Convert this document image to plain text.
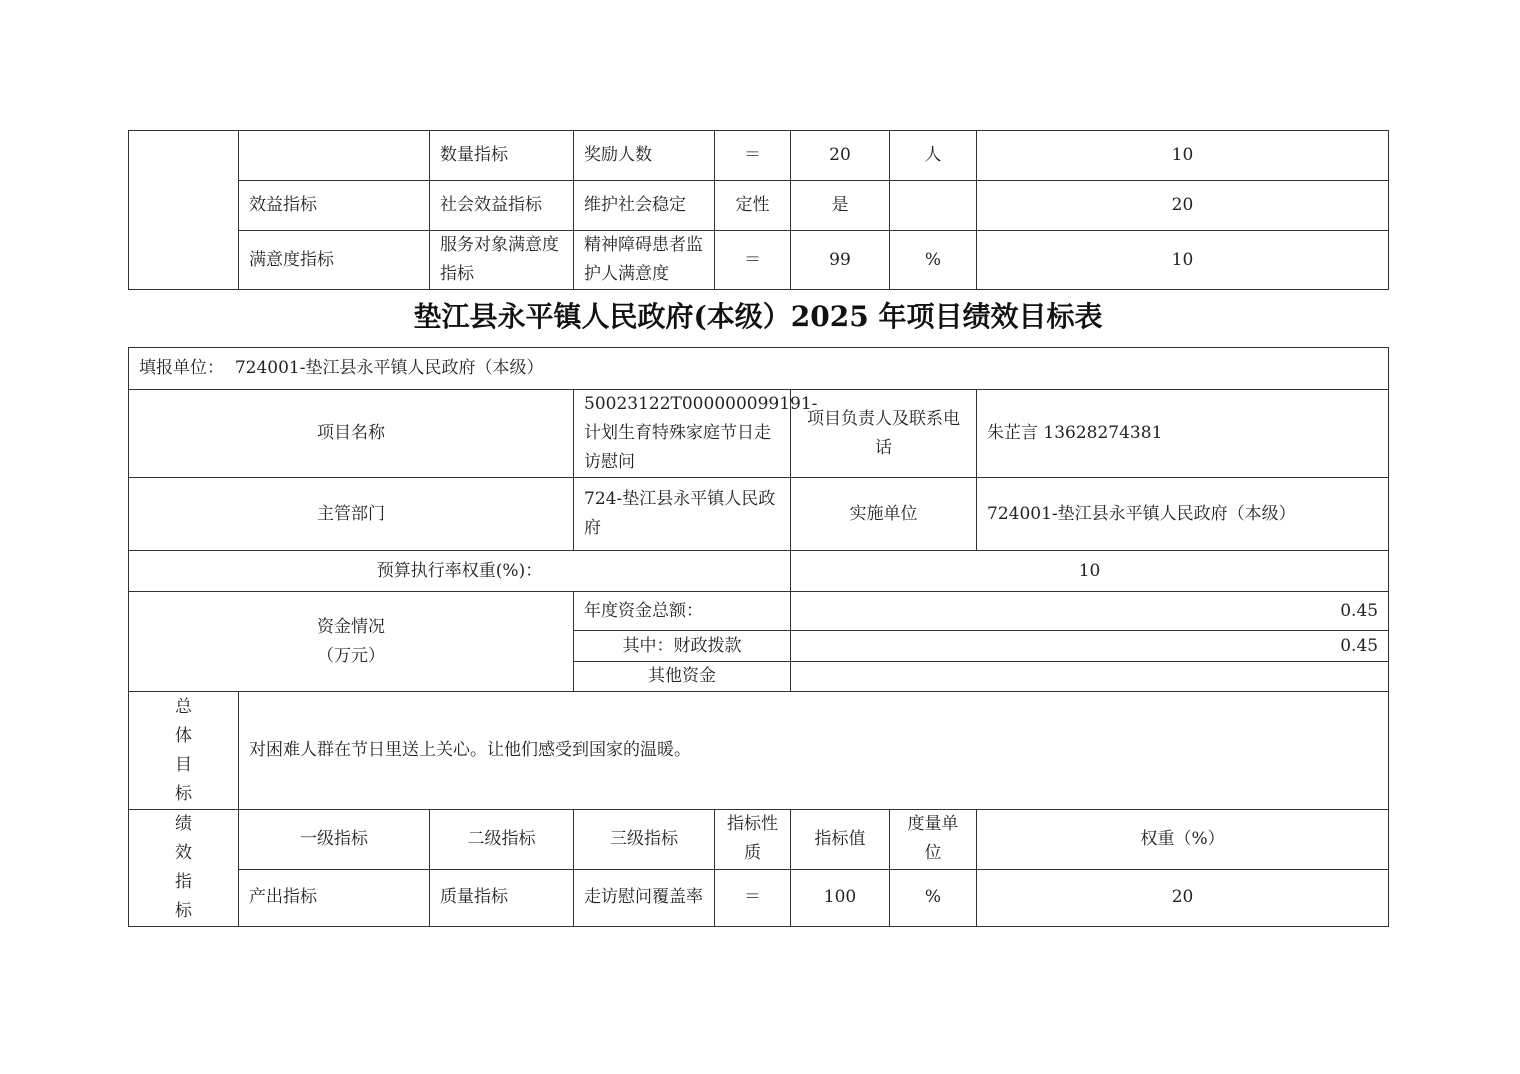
		数量指标	奖励人数	＝	20	人	10
	效益指标	社会效益指标	维护社会稳定	定性	是		20
	满意度指标	服务对象满意度指标	精神障碍患者监护人满意度	＝	99	%	10
垫江县永平镇人民政府(本级）2025 年项目绩效目标表
填报单位： 724001-垫江县永平镇人民政府（本级）							
项目名称			50023122T000000099191-计划生育特殊家庭节日走访慰问		项目负责人及联系电话		朱芷言 13628274381
主管部门			724-垫江县永平镇人民政府		实施单位		724001-垫江县永平镇人民政府（本级）
预算执行率权重(%)：					10		

资金情况
（万元）			年度资金总额：		0.45		
			其中：财政拨款		0.45		
			其他资金				

总
体
目
标	对困难人群在节日里送上关心。让他们感受到国家的温暖。						

绩
效
指
标	一级指标	二级指标	三级指标	指标性质	指标值	度量单位	权重（%）
	产出指标	质量指标	走访慰问覆盖率	＝	100	%	20
